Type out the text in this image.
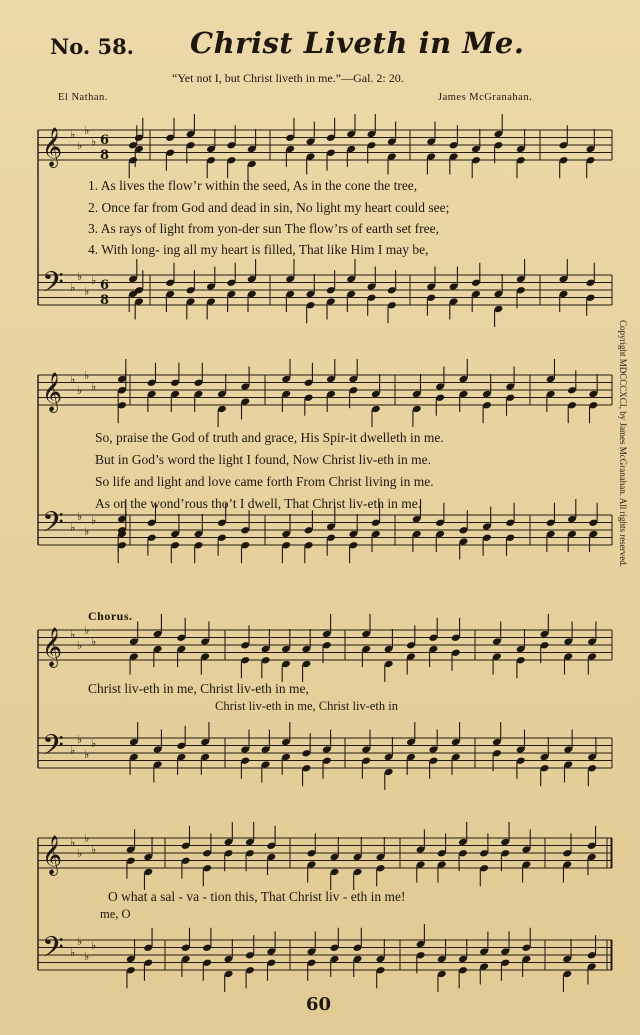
No. 58. Christ Liveth in Me.
“Yet not I, but Christ liveth in me.”—Gal. 2: 20.
El Nathan.	James McGranahan.
𝄞 ♭
♭
♭
♭ 6
8
𝄢 ♭
♭
♭
♭ 6
8
𝄞 ♭
♭
♭
♭
𝄢 ♭
♭
♭
♭
𝄞 ♭
♭
♭
♭
𝄢 ♭
♭
♭
♭
𝄞 ♭
♭
♭
♭
𝄢 ♭
♭
♭
♭
1. As lives the flow’r within the seed, As in the cone the tree,
2. Once far from God and dead in sin, No light my heart could see;
3. As rays of light from yon-der sun The flow’rs of earth set free,
4. With long- ing all my heart is filled, That like Him I may be,
So, praise the God of truth and grace, His Spir-it dwelleth in me.
But in God’s word the light I found, Now Christ liv-eth in me.
So life and light and love came forth From Christ living in me.
As on the wond’rous tho’t I dwell, That Christ liv-eth in me.
Chorus.
Christ liv-eth in me, Christ liv-eth in me,
Christ liv-eth in me, Christ liv-eth in
O what a sal - va - tion this, That Christ liv - eth in me!
me, O
Copyright MDCCCXCI, by James McGranahan. All rights reserved.
60
